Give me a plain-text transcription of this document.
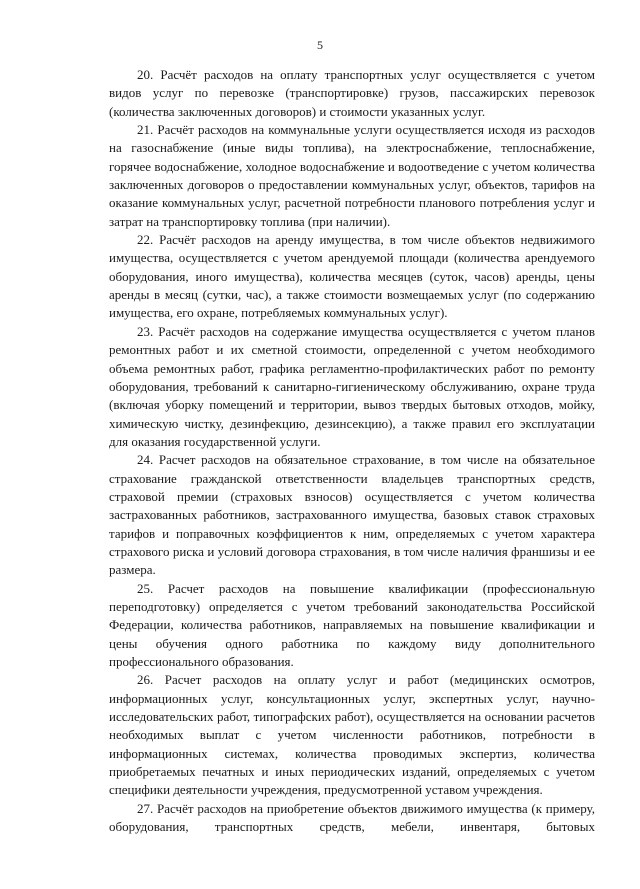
5

20. Расчёт расходов на оплату транспортных услуг осуществляется с учетом видов услуг по перевозке (транспортировке) грузов, пассажирских перевозок (количества заключенных договоров) и стоимости указанных услуг.

21. Расчёт расходов на коммунальные услуги осуществляется исходя из расходов на газоснабжение (иные виды топлива), на электроснабжение, теплоснабжение, горячее водоснабжение, холодное водоснабжение и водоотведение с учетом количества заключенных договоров о предоставлении коммунальных услуг, объектов, тарифов на оказание коммунальных услуг, расчетной потребности планового потребления услуг и затрат на транспортировку топлива (при наличии).

22. Расчёт расходов на аренду имущества, в том числе объектов недвижимого имущества, осуществляется с учетом арендуемой площади (количества арендуемого оборудования, иного имущества), количества месяцев (суток, часов) аренды, цены аренды в месяц (сутки, час), а также стоимости возмещаемых услуг (по содержанию имущества, его охране, потребляемых коммунальных услуг).

23. Расчёт расходов на содержание имущества осуществляется с учетом планов ремонтных работ и их сметной стоимости, определенной с учетом необходимого объема ремонтных работ, графика регламентно-профилактических работ по ремонту оборудования, требований к санитарно-гигиеническому обслуживанию, охране труда (включая уборку помещений и территории, вывоз твердых бытовых отходов, мойку, химическую чистку, дезинфекцию, дезинсекцию), а также правил его эксплуатации для оказания государственной услуги.

24. Расчет расходов на обязательное страхование, в том числе на обязательное страхование гражданской ответственности владельцев транспортных средств, страховой премии (страховых взносов) осуществляется с учетом количества застрахованных работников, застрахованного имущества, базовых ставок страховых тарифов и поправочных коэффициентов к ним, определяемых с учетом характера страхового риска и условий договора страхования, в том числе наличия франшизы и ее размера.

25. Расчет расходов на повышение квалификации (профессиональную переподготовку) определяется с учетом требований законодательства Российской Федерации, количества работников, направляемых на повышение квалификации и цены обучения одного работника по каждому виду дополнительного профессионального образования.

26. Расчет расходов на оплату услуг и работ (медицинских осмотров, информационных услуг, консультационных услуг, экспертных услуг, научно-исследовательских работ, типографских работ), осуществляется на основании расчетов необходимых выплат с учетом численности работников, потребности в информационных системах, количества проводимых экспертиз, количества приобретаемых печатных и иных периодических изданий, определяемых с учетом специфики деятельности учреждения, предусмотренной уставом учреждения.

27. Расчёт расходов на приобретение объектов движимого имущества (к примеру, оборудования, транспортных средств, мебели, инвентаря, бытовых
